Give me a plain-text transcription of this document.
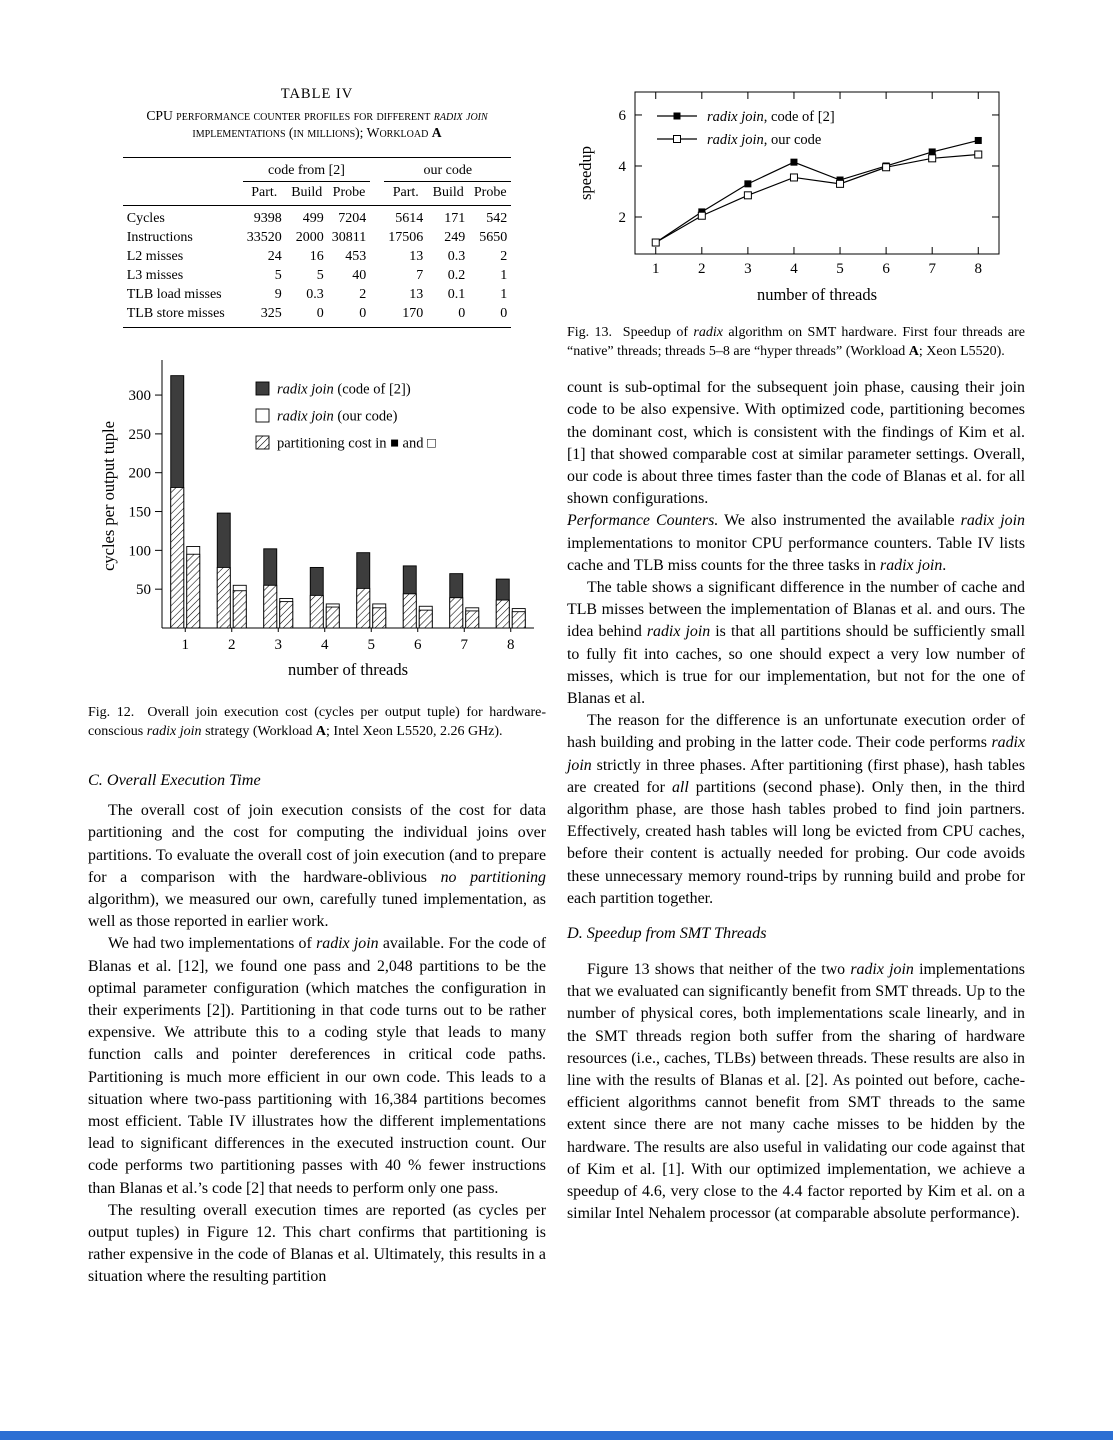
TABLE IV
CPU performance counter profiles for different radix join implementations (in millions); Workload A
	code from [2]				our code		
	Part.	Build	Probe		Part.	Build	Probe
Cycles	9398	499	7204		5614	171	542
Instructions	33520	2000	30811		17506	249	5650
L2 misses	24	16	453		13	0.3	2
L3 misses	5	5	40		7	0.2	1
TLB load misses	9	0.3	2		13	0.1	1
TLB store misses	325	0	0		170	0	0
50
100
150
200
250
300
1	2	3	4	5	6	7	8
radix join (code of [2])
radix join (our code)
partitioning cost in ■ and □
number of threads
cycles per output tuple
Fig. 12.  Overall join execution cost (cycles per output tuple) for hardware-conscious radix join strategy (Workload A; Intel Xeon L5520, 2.26 GHz).
C. Overall Execution Time

The overall cost of join execution consists of the cost for data partitioning and the cost for computing the individual joins over partitions. To evaluate the overall cost of join execution (and to prepare for a comparison with the hardware-oblivious no partitioning algorithm), we measured our own, carefully tuned implementation, as well as those reported in earlier work.

We had two implementations of radix join available. For the code of Blanas et al. [12], we found one pass and 2,048 partitions to be the optimal parameter configuration (which matches the configuration in their experiments [2]). Partitioning in that code turns out to be rather expensive. We attribute this to a coding style that leads to many function calls and pointer dereferences in critical code paths. Partitioning is much more efficient in our own code. This leads to a situation where two-pass partitioning with 16,384 partitions becomes most efficient. Table IV illustrates how the different implementations lead to significant differences in the executed instruction count. Our code performs two partitioning passes with 40 % fewer instructions than Blanas et al.’s code [2] that needs to perform only one pass.

The resulting overall execution times are reported (as cycles per output tuples) in Figure 12. This chart confirms that partitioning is rather expensive in the code of Blanas et al. Ultimately, this results in a situation where the resulting partition

2
4
6
1	2	3	4	5	6	7	8
radix join, code of [2]
radix join, our code
number of threads
speedup
Fig. 13.  Speedup of radix algorithm on SMT hardware. First four threads are “native” threads; threads 5–8 are “hyper threads” (Workload A; Xeon L5520).

count is sub-optimal for the subsequent join phase, causing their join code to be also expensive. With optimized code, partitioning becomes the dominant cost, which is consistent with the findings of Kim et al. [1] that showed comparable cost at similar parameter settings. Overall, our code is about three times faster than the code of Blanas et al. for all shown configurations.

Performance Counters. We also instrumented the available radix join implementations to monitor CPU performance counters. Table IV lists cache and TLB miss counts for the three tasks in radix join.

The table shows a significant difference in the number of cache and TLB misses between the implementation of Blanas et al. and ours. The idea behind radix join is that all partitions should be sufficiently small to fully fit into caches, so one should expect a very low number of misses, which is true for our implementation, but not for the one of Blanas et al.

The reason for the difference is an unfortunate execution order of hash building and probing in the latter code. Their code performs radix join strictly in three phases. After partitioning (first phase), hash tables are created for all partitions (second phase). Only then, in the third algorithm phase, are those hash tables probed to find join partners. Effectively, created hash tables will long be evicted from CPU caches, before their content is actually needed for probing. Our code avoids these unnecessary memory round-trips by running build and probe for each partition together.

D. Speedup from SMT Threads

Figure 13 shows that neither of the two radix join implementations that we evaluated can significantly benefit from SMT threads. Up to the number of physical cores, both implementations scale linearly, and in the SMT threads region both suffer from the sharing of hardware resources (i.e., caches, TLBs) between threads. These results are also in line with the results of Blanas et al. [2]. As pointed out before, cache-efficient algorithms cannot benefit from SMT threads to the same extent since there are not many cache misses to be hidden by the hardware. The results are also useful in validating our code against that of Kim et al. [1]. With our optimized implementation, we achieve a speedup of 4.6, very close to the 4.4 factor reported by Kim et al. on a similar Intel Nehalem processor (at comparable absolute performance).
